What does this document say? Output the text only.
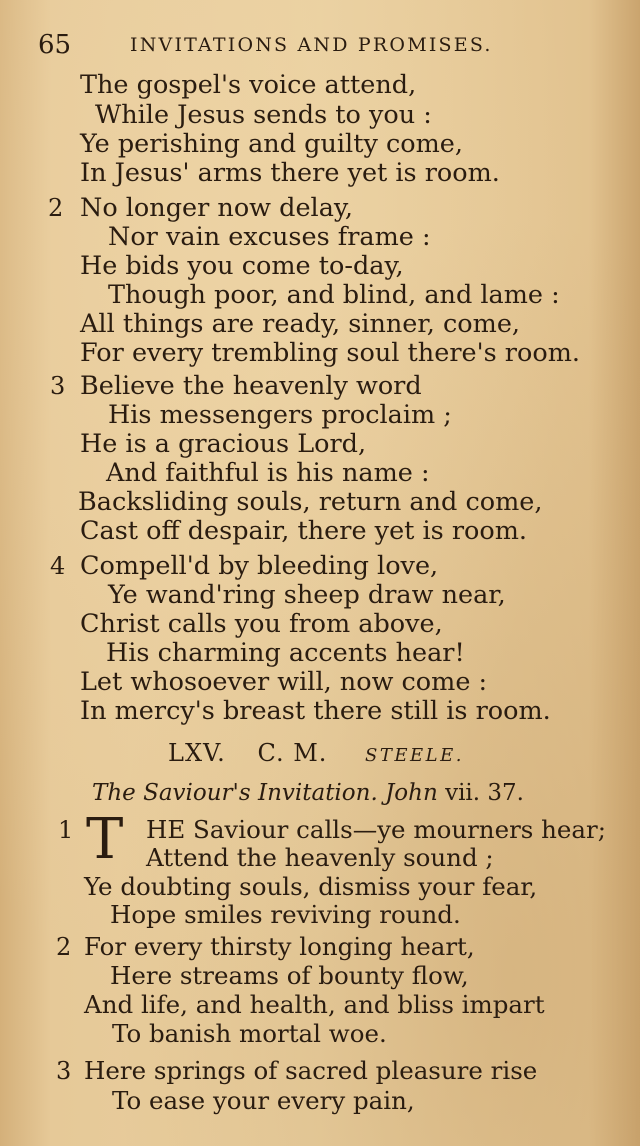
65	INVITATIONS AND PROMISES.
The gospel's voice attend,
While Jesus sends to you :
Ye perishing and guilty come,
In Jesus' arms there yet is room.
2 No longer now delay,
Nor vain excuses frame :
He bids you come to-day,
Though poor, and blind, and lame :
All things are ready, sinner, come,
For every trembling soul there's room.
3 Believe the heavenly word
His messengers proclaim ;
He is a gracious Lord,
And faithful is his name :
Backsliding souls, return and come,
Cast off despair, there yet is room.
4 Compell'd by bleeding love,
Ye wand'ring sheep draw near,
Christ calls you from above,
His charming accents hear!
Let whosoever will, now come :
In mercy's breast there still is room.
LXV. C. M. STEELE.
The Saviour's Invitation. John vii. 37.
1 T HE Saviour calls—ye mourners hear;
Attend the heavenly sound ;
Ye doubting souls, dismiss your fear,
Hope smiles reviving round.
2 For every thirsty longing heart,
Here streams of bounty flow,
And life, and health, and bliss impart
To banish mortal woe.
3 Here springs of sacred pleasure rise
To ease your every pain,
